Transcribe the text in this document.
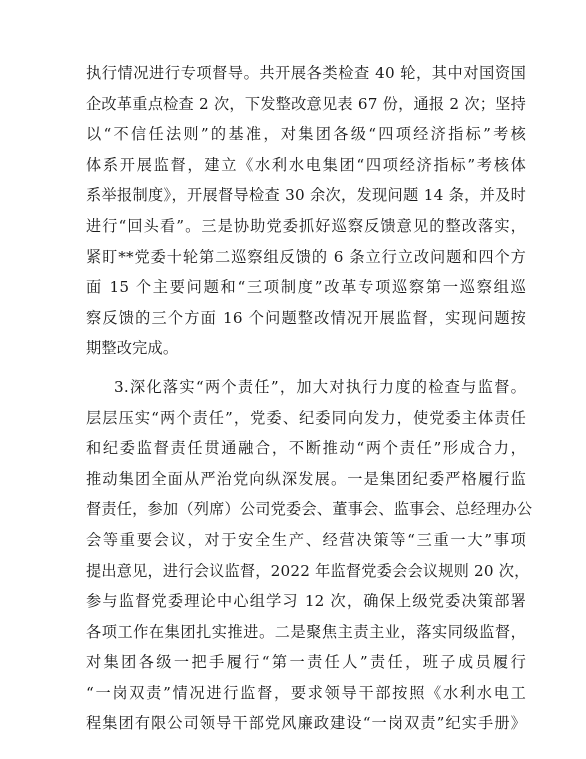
执行情况进行专项督导。共开展各类检查 40 轮，其中对国资国
企改革重点检查 2 次，下发整改意见表 67 份，通报 2 次；坚持
以“不信任法则”的基准，对集团各级“四项经济指标”考核
体系开展监督，建立《水利水电集团“四项经济指标”考核体
系举报制度》，开展督导检查 30 余次，发现问题 14 条，并及时
进行“回头看”。三是协助党委抓好巡察反馈意见的整改落实，
紧盯**党委十轮第二巡察组反馈的 6 条立行立改问题和四个方
面 15 个主要问题和“三项制度”改革专项巡察第一巡察组巡
察反馈的三个方面 16 个问题整改情况开展监督，实现问题按
期整改完成。
3.深化落实“两个责任”，加大对执行力度的检查与监督。
层层压实“两个责任”，党委、纪委同向发力，使党委主体责任
和纪委监督责任贯通融合，不断推动“两个责任”形成合力，
推动集团全面从严治党向纵深发展。一是集团纪委严格履行监
督责任，参加（列席）公司党委会、董事会、监事会、总经理办公
会等重要会议，对于安全生产、经营决策等“三重一大”事项
提出意见，进行会议监督，2022 年监督党委会会议规则 20 次，
参与监督党委理论中心组学习 12 次，确保上级党委决策部署
各项工作在集团扎实推进。二是聚焦主责主业，落实同级监督，
对集团各级一把手履行“第一责任人”责任，班子成员履行
“一岗双责”情况进行监督，要求领导干部按照《水利水电工
程集团有限公司领导干部党风廉政建设“一岗双责”纪实手册》
